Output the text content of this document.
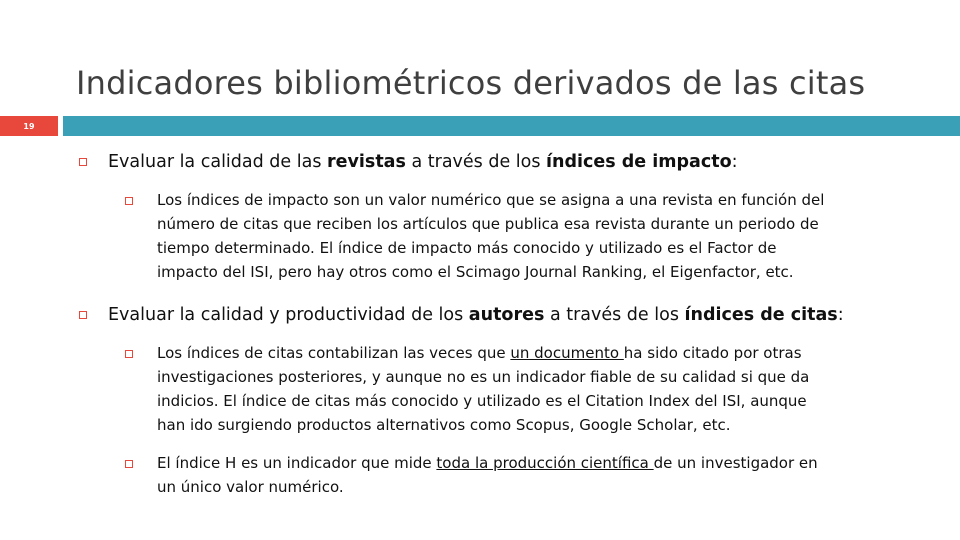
Indicadores bibliométricos derivados de las citas
19
Evaluar la calidad de las revistas a través de los índices de impacto:
Los índices de impacto son un valor numérico que se asigna a una revista en función del
número de citas que reciben los artículos que publica esa revista durante un periodo de
tiempo determinado. El índice de impacto más conocido y utilizado es el Factor de
impacto del ISI, pero hay otros como el Scimago Journal Ranking, el Eigenfactor, etc.
Evaluar la calidad y productividad de los autores a través de los índices de citas:
Los índices de citas contabilizan las veces que un documento ha sido citado por otras
investigaciones posteriores, y aunque no es un indicador fiable de su calidad si que da
indicios. El índice de citas más conocido y utilizado es el Citation Index del ISI, aunque
han ido surgiendo productos alternativos como Scopus, Google Scholar, etc.
El índice H es un indicador que mide toda la producción científica de un investigador en
un único valor numérico.
